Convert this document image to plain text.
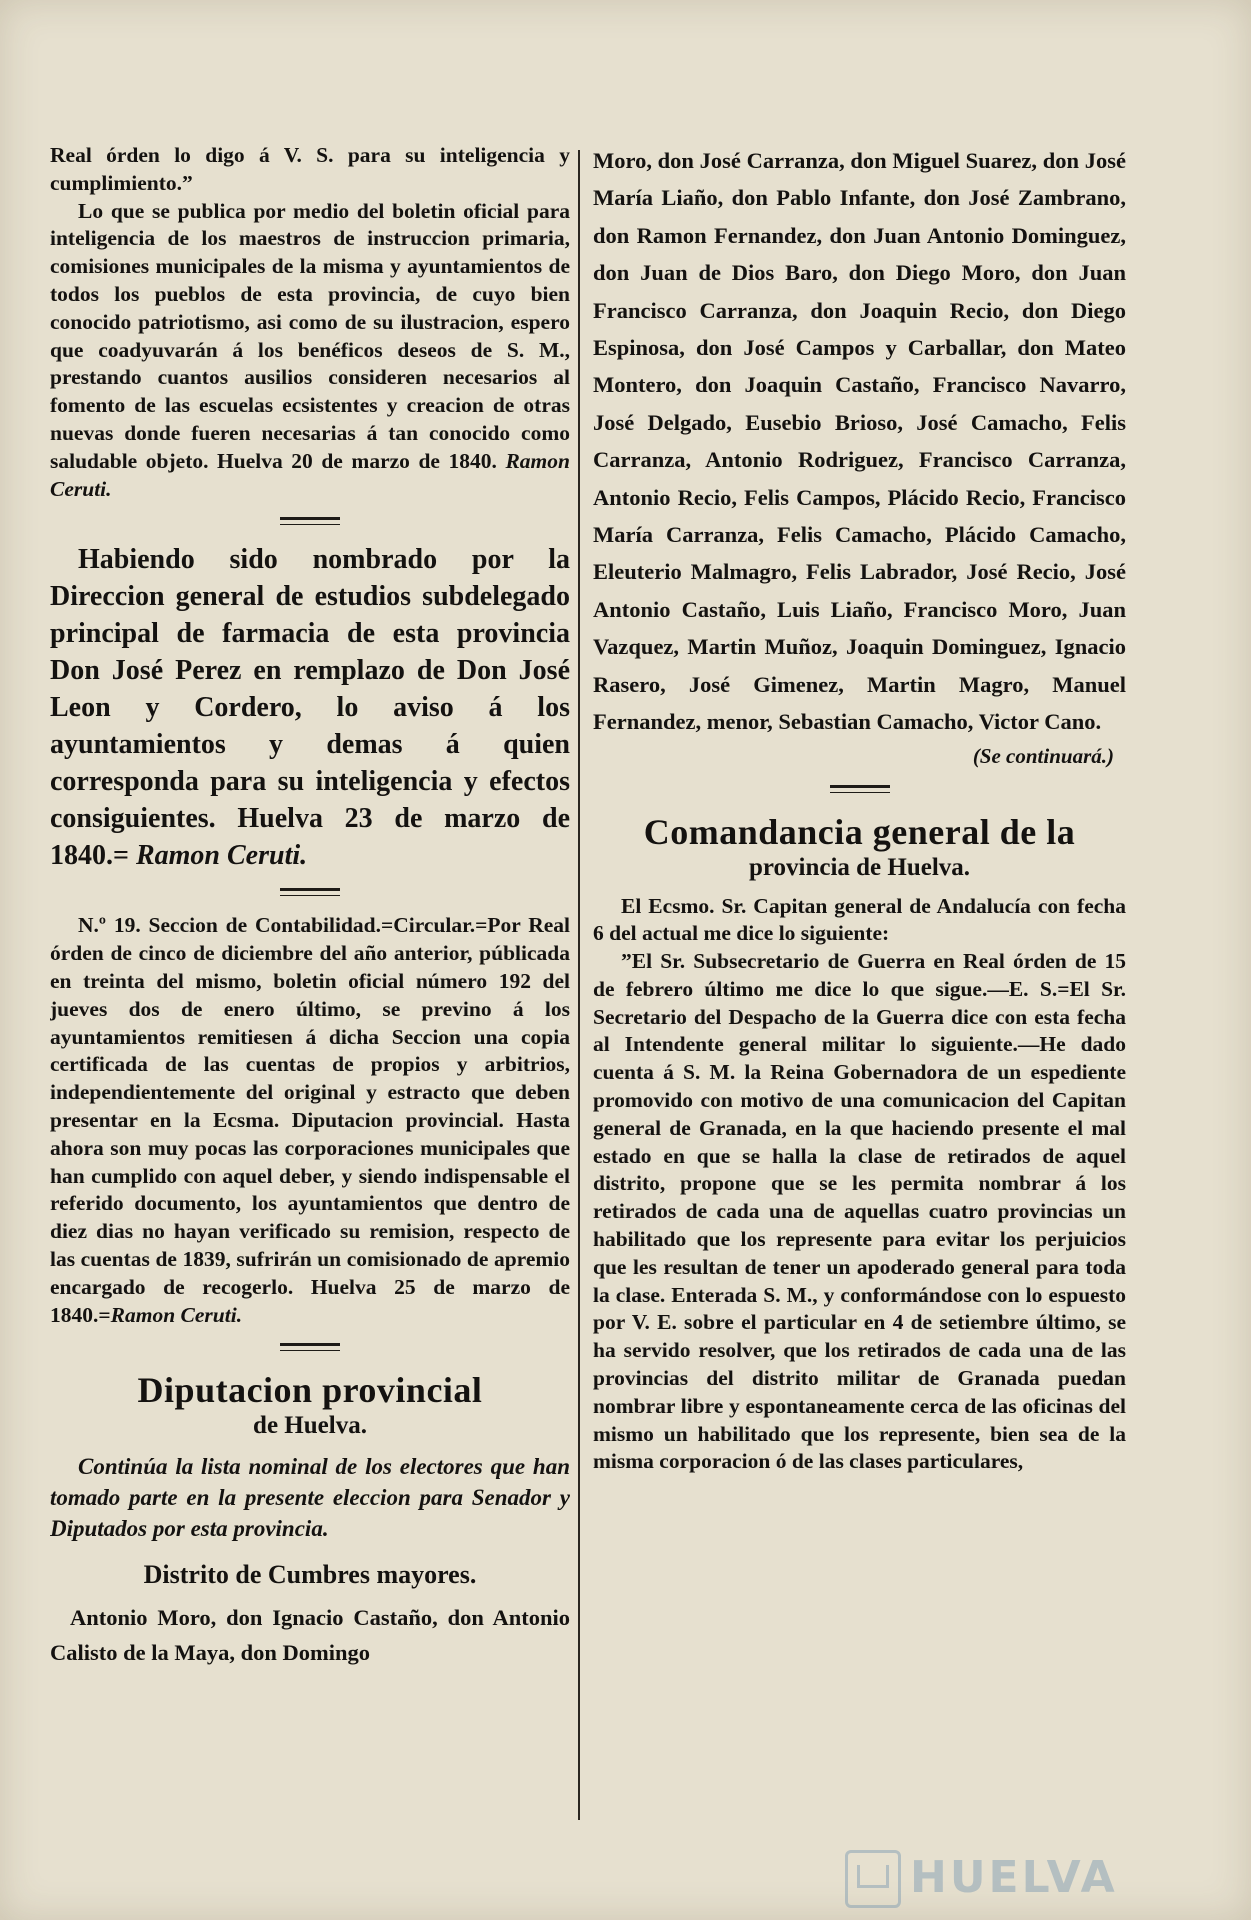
Real órden lo digo á V. S. para su inteligencia y cumplimiento.”

Lo que se publica por medio del boletin oficial para inteligencia de los maestros de instruccion primaria, comisiones municipales de la misma y ayuntamientos de todos los pueblos de esta provincia, de cuyo bien conocido patriotismo, asi como de su ilustracion, espero que coadyuvarán á los benéficos deseos de S. M., prestando cuantos ausilios consideren necesarios al fomento de las escuelas ecsistentes y creacion de otras nuevas donde fueren necesarias á tan conocido como saludable objeto. Huelva 20 de marzo de 1840. Ramon Ceruti.

Habiendo sido nombrado por la Direccion general de estudios subdelegado principal de farmacia de esta provincia Don José Perez en remplazo de Don José Leon y Cordero, lo aviso á los ayuntamientos y demas á quien corresponda para su inteligencia y efectos consiguientes. Huelva 23 de marzo de 1840.= Ramon Ceruti.

N.º 19. Seccion de Contabilidad.=Circular.=Por Real órden de cinco de diciembre del año anterior, públicada en treinta del mismo, boletin oficial número 192 del jueves dos de enero último, se previno á los ayuntamientos remitiesen á dicha Seccion una copia certificada de las cuentas de propios y arbitrios, independientemente del original y estracto que deben presentar en la Ecsma. Diputacion provincial. Hasta ahora son muy pocas las corporaciones municipales que han cumplido con aquel deber, y siendo indispensable el referido documento, los ayuntamientos que dentro de diez dias no hayan verificado su remision, respecto de las cuentas de 1839, sufrirán un comisionado de apremio encargado de recogerlo. Huelva 25 de marzo de 1840.=Ramon Ceruti.

Diputacion provincial
de Huelva.

Continúa la lista nominal de los electores que han tomado parte en la presente eleccion para Senador y Diputados por esta provincia.

Distrito de Cumbres mayores.

Antonio Moro, don Ignacio Castaño, don Antonio Calisto de la Maya, don Domingo

Moro, don José Carranza, don Miguel Suarez, don José María Liaño, don Pablo Infante, don José Zambrano, don Ramon Fernandez, don Juan Antonio Dominguez, don Juan de Dios Baro, don Diego Moro, don Juan Francisco Carranza, don Joaquin Recio, don Diego Espinosa, don José Campos y Carballar, don Mateo Montero, don Joaquin Castaño, Francisco Navarro, José Delgado, Eusebio Brioso, José Camacho, Felis Carranza, Antonio Rodriguez, Francisco Carranza, Antonio Recio, Felis Campos, Plácido Recio, Francisco María Carranza, Felis Camacho, Plácido Camacho, Eleuterio Malmagro, Felis Labrador, José Recio, José Antonio Castaño, Luis Liaño, Francisco Moro, Juan Vazquez, Martin Muñoz, Joaquin Dominguez, Ignacio Rasero, José Gimenez, Martin Magro, Manuel Fernandez, menor, Sebastian Camacho, Victor Cano.

(Se continuará.)
Comandancia general de la
provincia de Huelva.

El Ecsmo. Sr. Capitan general de Andalucía con fecha 6 del actual me dice lo siguiente:

”El Sr. Subsecretario de Guerra en Real órden de 15 de febrero último me dice lo que sigue.—E. S.=El Sr. Secretario del Despacho de la Guerra dice con esta fecha al Intendente general militar lo siguiente.—He dado cuenta á S. M. la Reina Gobernadora de un espediente promovido con motivo de una comunicacion del Capitan general de Granada, en la que haciendo presente el mal estado en que se halla la clase de retirados de aquel distrito, propone que se les permita nombrar á los retirados de cada una de aquellas cuatro provincias un habilitado que los represente para evitar los perjuicios que les resultan de tener un apoderado general para toda la clase. Enterada S. M., y conformándose con lo espuesto por V. E. sobre el particular en 4 de setiembre último, se ha servido resolver, que los retirados de cada una de las provincias del distrito militar de Granada puedan nombrar libre y espontaneamente cerca de las oficinas del mismo un habilitado que los represente, bien sea de la misma corporacion ó de las clases particulares,

HUELVA
